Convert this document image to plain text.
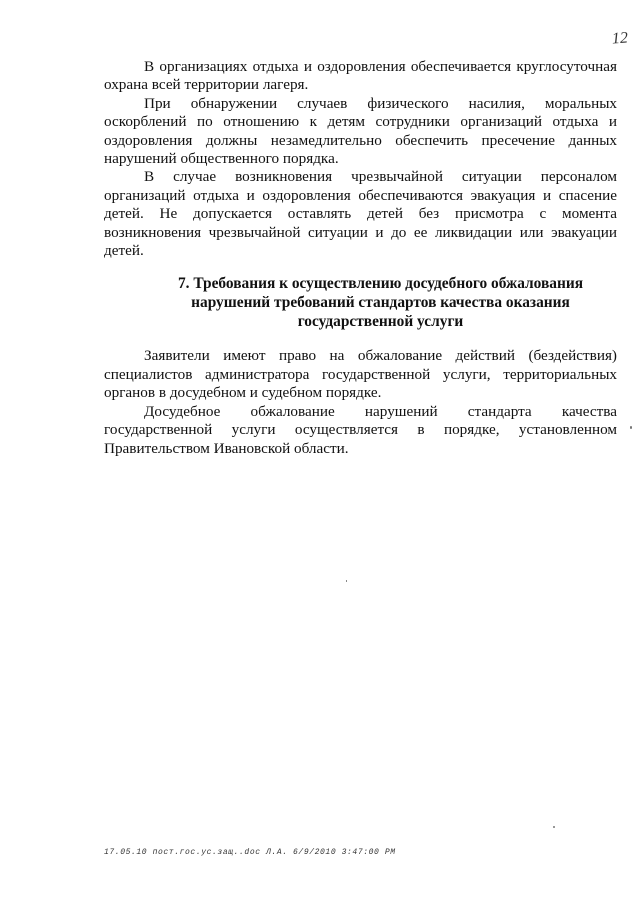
12

В организациях отдыха и оздоровления обеспечивается круглосуточная охрана всей территории лагеря.

При обнаружении случаев физического насилия, моральных оскорблений по отношению к детям сотрудники организаций отдыха и оздоровления должны незамедлительно обеспечить пресечение данных нарушений общественного порядка.

В случае возникновения чрезвычайной ситуации персоналом организаций отдыха и оздоровления обеспечиваются эвакуация и спасение детей. Не допускается оставлять детей без присмотра с момента возникновения чрезвычайной ситуации и до ее ликвидации или эвакуации детей.

7. Требования к осуществлению досудебного обжалования нарушений требований стандартов качества оказания государственной услуги

Заявители имеют право на обжалование действий (бездействия) специалистов администратора государственной услуги, территориальных органов в досудебном и судебном порядке.

Досудебное обжалование нарушений стандарта качества государственной услуги осуществляется в порядке, установленном Правительством Ивановской области.

17.05.10 пост.гос.ус.защ..doc Л.А. 6/9/2010 3:47:00 PM
